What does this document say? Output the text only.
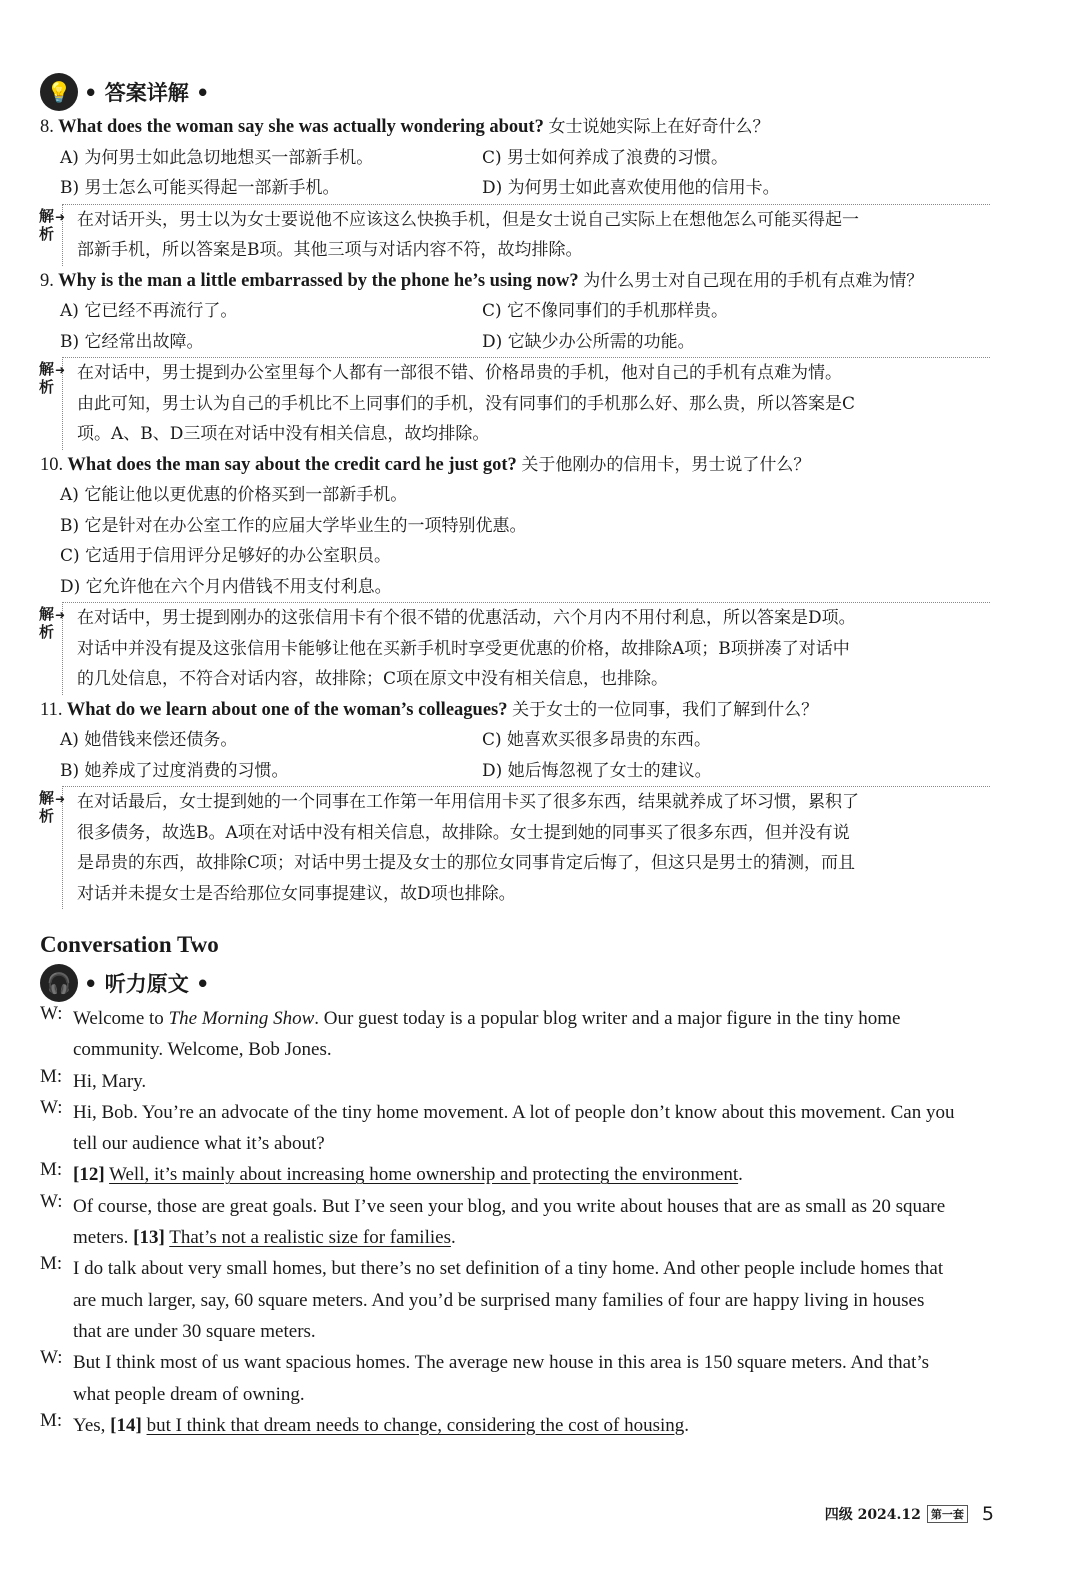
💡 • 答案详解 •
8. What does the woman say she was actually wondering about? 女士说她实际上在好奇什么？
A) 为何男士如此急切地想买一部新手机。	C) 男士如何养成了浪费的习惯。
B) 男士怎么可能买得起一部新手机。	D) 为何男士如此喜欢使用他的信用卡。
解析
➜ 在对话开头，男士以为女士要说他不应该这么快换手机，但是女士说自己实际上在想他怎么可能买得起一
部新手机，所以答案是B项。其他三项与对话内容不符，故均排除。
9. Why is the man a little embarrassed by the phone he’s using now? 为什么男士对自己现在用的手机有点难为情？
A) 它已经不再流行了。	C) 它不像同事们的手机那样贵。
B) 它经常出故障。	D) 它缺少办公所需的功能。
解析
➜ 在对话中，男士提到办公室里每个人都有一部很不错、价格昂贵的手机，他对自己的手机有点难为情。
由此可知，男士认为自己的手机比不上同事们的手机，没有同事们的手机那么好、那么贵，所以答案是C
项。A、B、D三项在对话中没有相关信息，故均排除。
10. What does the man say about the credit card he just got? 关于他刚办的信用卡，男士说了什么？
A) 它能让他以更优惠的价格买到一部新手机。
B) 它是针对在办公室工作的应届大学毕业生的一项特别优惠。
C) 它适用于信用评分足够好的办公室职员。
D) 它允许他在六个月内借钱不用支付利息。
解析
➜ 在对话中，男士提到刚办的这张信用卡有个很不错的优惠活动，六个月内不用付利息，所以答案是D项。
对话中并没有提及这张信用卡能够让他在买新手机时享受更优惠的价格，故排除A项；B项拼凑了对话中
的几处信息，不符合对话内容，故排除；C项在原文中没有相关信息，也排除。
11. What do we learn about one of the woman’s colleagues? 关于女士的一位同事，我们了解到什么？
A) 她借钱来偿还债务。	C) 她喜欢买很多昂贵的东西。
B) 她养成了过度消费的习惯。	D) 她后悔忽视了女士的建议。
解析
➜ 在对话最后，女士提到她的一个同事在工作第一年用信用卡买了很多东西，结果就养成了坏习惯，累积了
很多债务，故选B。A项在对话中没有相关信息，故排除。女士提到她的同事买了很多东西，但并没有说
是昂贵的东西，故排除C项；对话中男士提及女士的那位女同事肯定后悔了，但这只是男士的猜测，而且
对话并未提女士是否给那位女同事提建议，故D项也排除。
Conversation Two
🎧 • 听力原文 •
W: Welcome to The Morning Show. Our guest today is a popular blog writer and a major figure in the tiny home
community. Welcome, Bob Jones.
M: Hi, Mary.
W: Hi, Bob. You’re an advocate of the tiny home movement. A lot of people don’t know about this movement. Can you
tell our audience what it’s about?
M: [12] Well, it’s mainly about increasing home ownership and protecting the environment.
W: Of course, those are great goals. But I’ve seen your blog, and you write about houses that are as small as 20 square
meters. [13] That’s not a realistic size for families.
M: I do talk about very small homes, but there’s no set definition of a tiny home. And other people include homes that
are much larger, say, 60 square meters. And you’d be surprised many families of four are happy living in houses
that are under 30 square meters.
W: But I think most of us want spacious homes. The average new house in this area is 150 square meters. And that’s
what people dream of owning.
M: Yes, [14] but I think that dream needs to change, considering the cost of housing.
四级 2024.12 第一套 5
